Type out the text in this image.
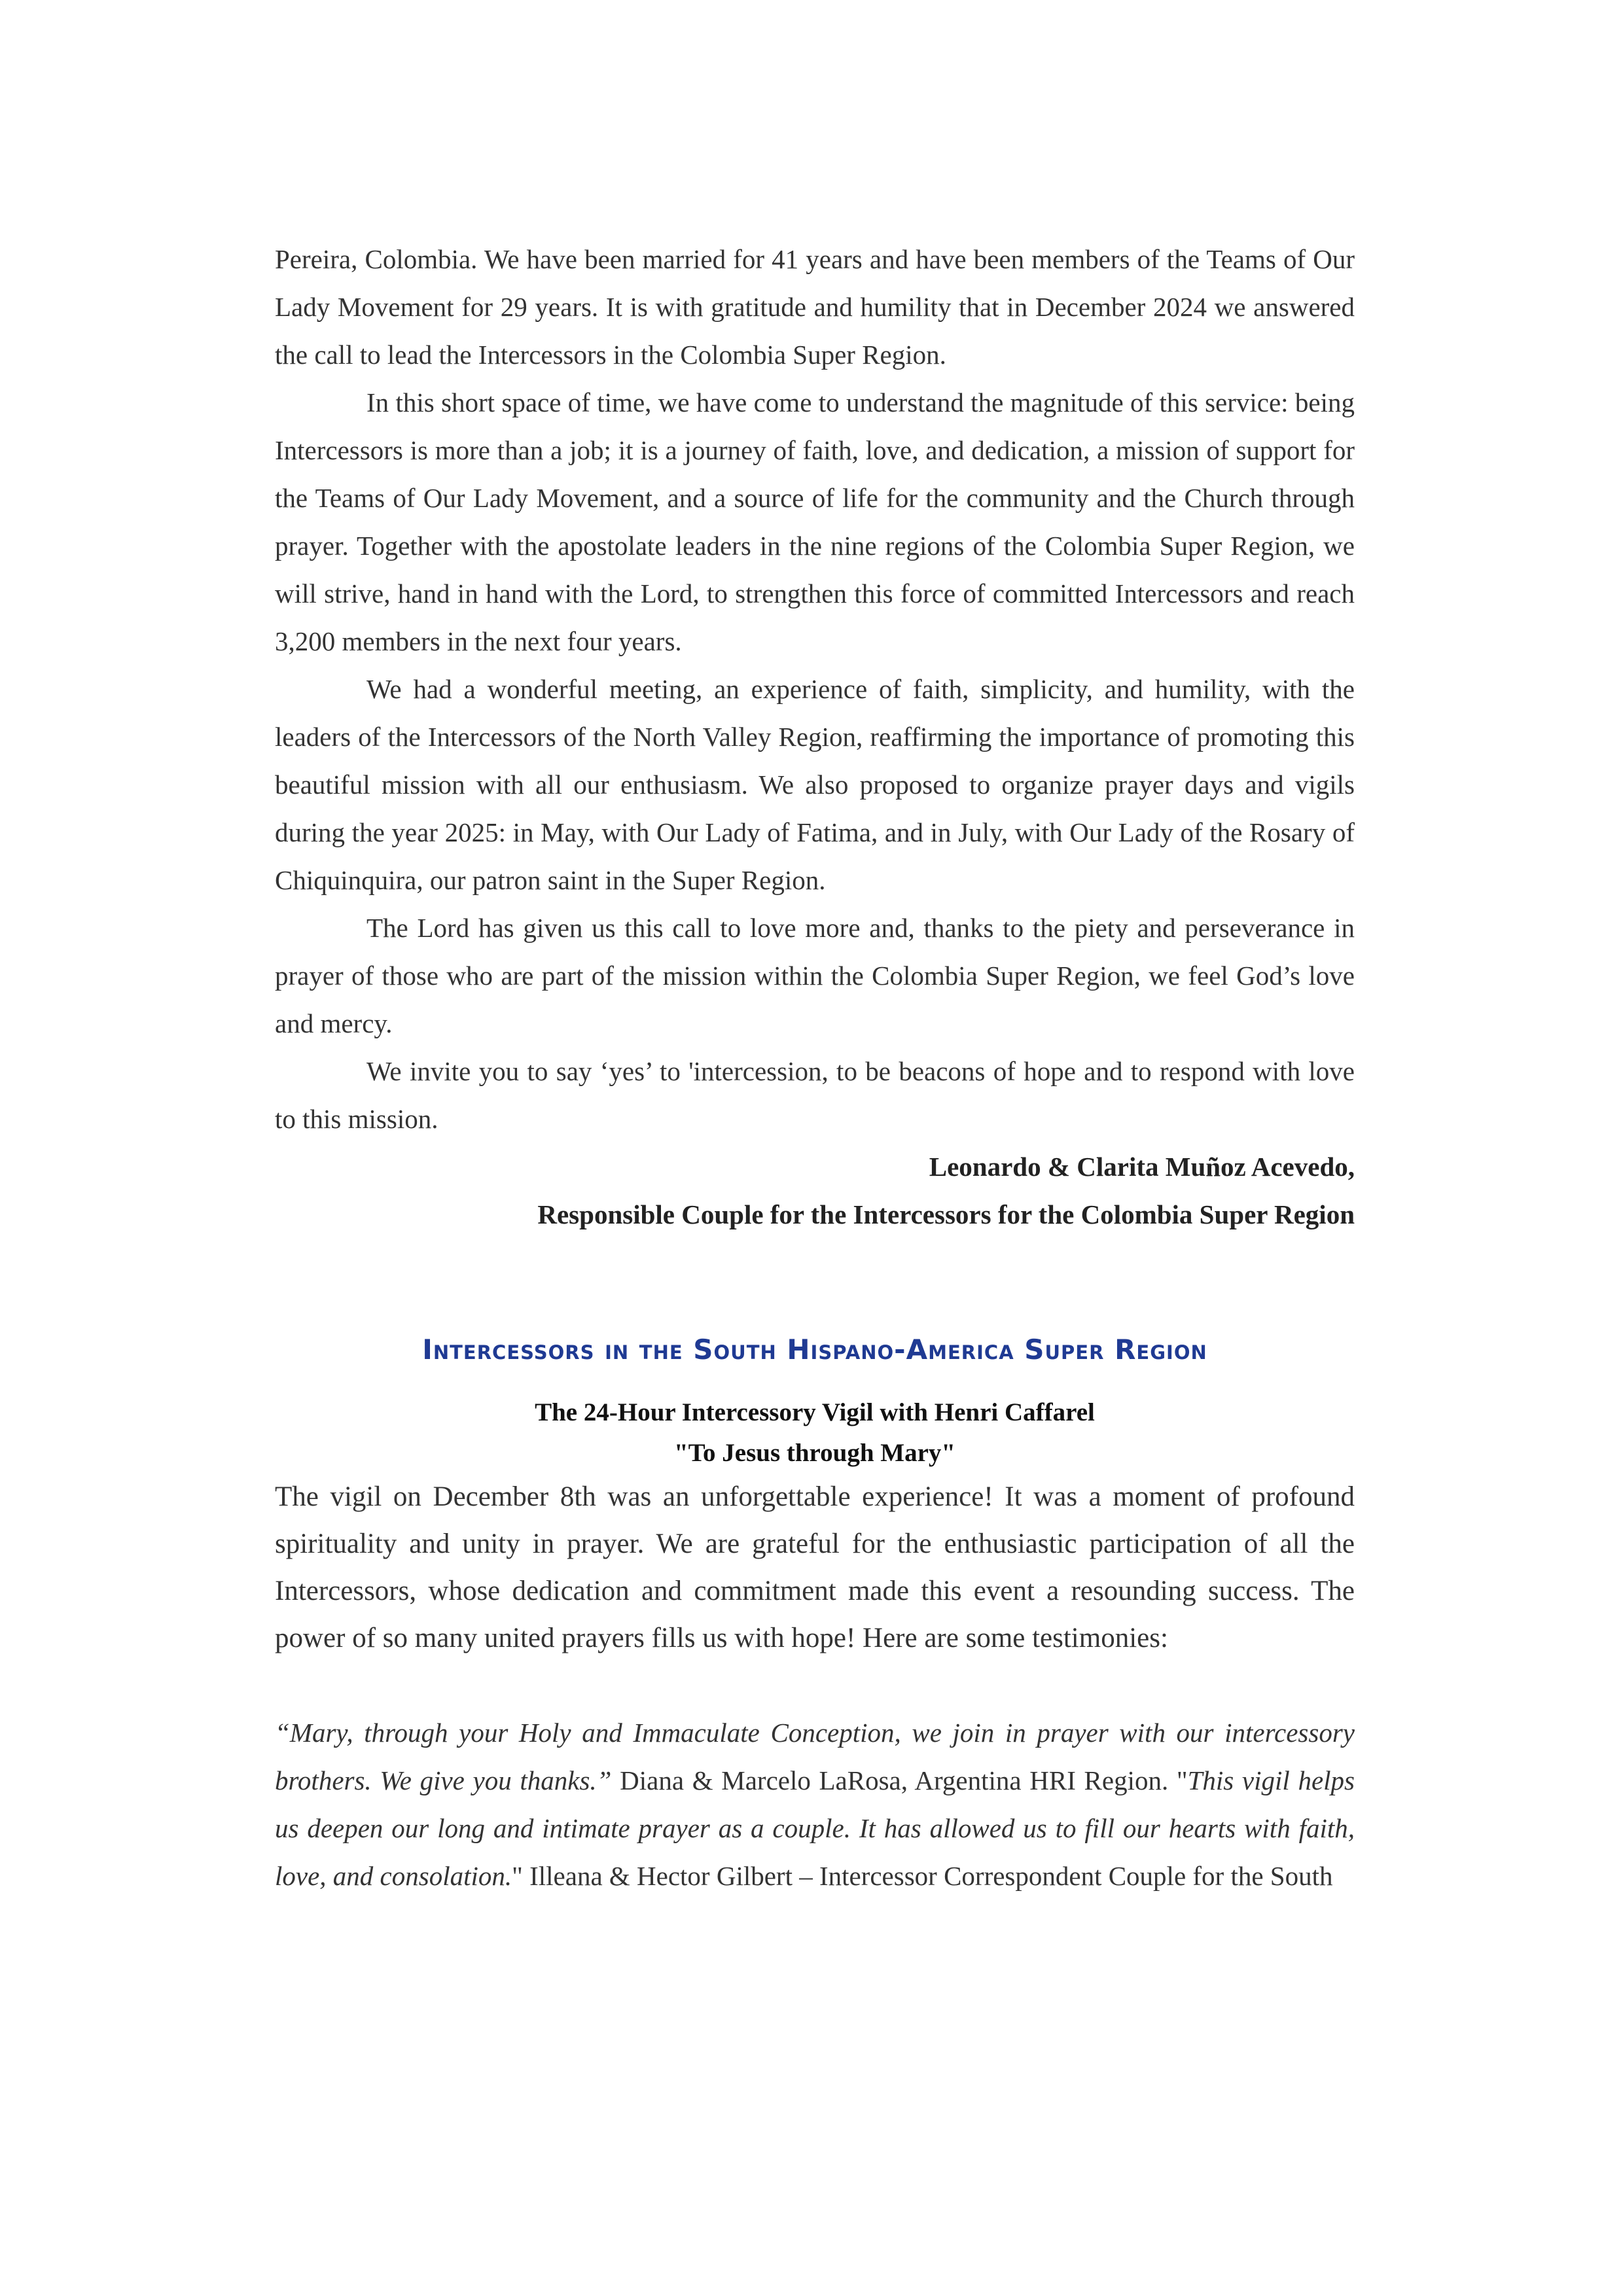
Pereira, Colombia. We have been married for 41 years and have been members of the Teams of Our Lady Movement for 29 years. It is with gratitude and humility that in December 2024 we answered the call to lead the Intercessors in the Colombia Super Region.

In this short space of time, we have come to understand the magnitude of this service: being Intercessors is more than a job; it is a journey of faith, love, and dedication, a mission of support for the Teams of Our Lady Movement, and a source of life for the community and the Church through prayer. Together with the apostolate leaders in the nine regions of the Colombia Super Region, we will strive, hand in hand with the Lord, to strengthen this force of committed Intercessors and reach 3,200 members in the next four years.

We had a wonderful meeting, an experience of faith, simplicity, and humility, with the leaders of the Intercessors of the North Valley Region, reaffirming the importance of promoting this beautiful mission with all our enthusiasm. We also proposed to organize prayer days and vigils during the year 2025: in May, with Our Lady of Fatima, and in July, with Our Lady of the Rosary of Chiquinquira, our patron saint in the Super Region.

The Lord has given us this call to love more and, thanks to the piety and perseverance in prayer of those who are part of the mission within the Colombia Super Region, we feel God’s love and mercy.

We invite you to say ‘yes’ to 'intercession, to be beacons of hope and to respond with love to this mission.

Leonardo & Clarita Muñoz Acevedo,

Responsible Couple for the Intercessors for the Colombia Super Region

Intercessors in the South Hispano-America Super Region

The 24-Hour Intercessory Vigil with Henri Caffarel

"To Jesus through Mary"

The vigil on December 8th was an unforgettable experience! It was a moment of profound spirituality and unity in prayer. We are grateful for the enthusiastic participation of all the Intercessors, whose dedication and commitment made this event a resounding success. The power of so many united prayers fills us with hope! Here are some testimonies:

“Mary, through your Holy and Immaculate Conception, we join in prayer with our intercessory brothers. We give you thanks.” Diana & Marcelo LaRosa, Argentina HRI Region. "This vigil helps us deepen our long and intimate prayer as a couple. It has allowed us to fill our hearts with faith, love, and consolation." Illeana & Hector Gilbert – Intercessor Correspondent Couple for the South
